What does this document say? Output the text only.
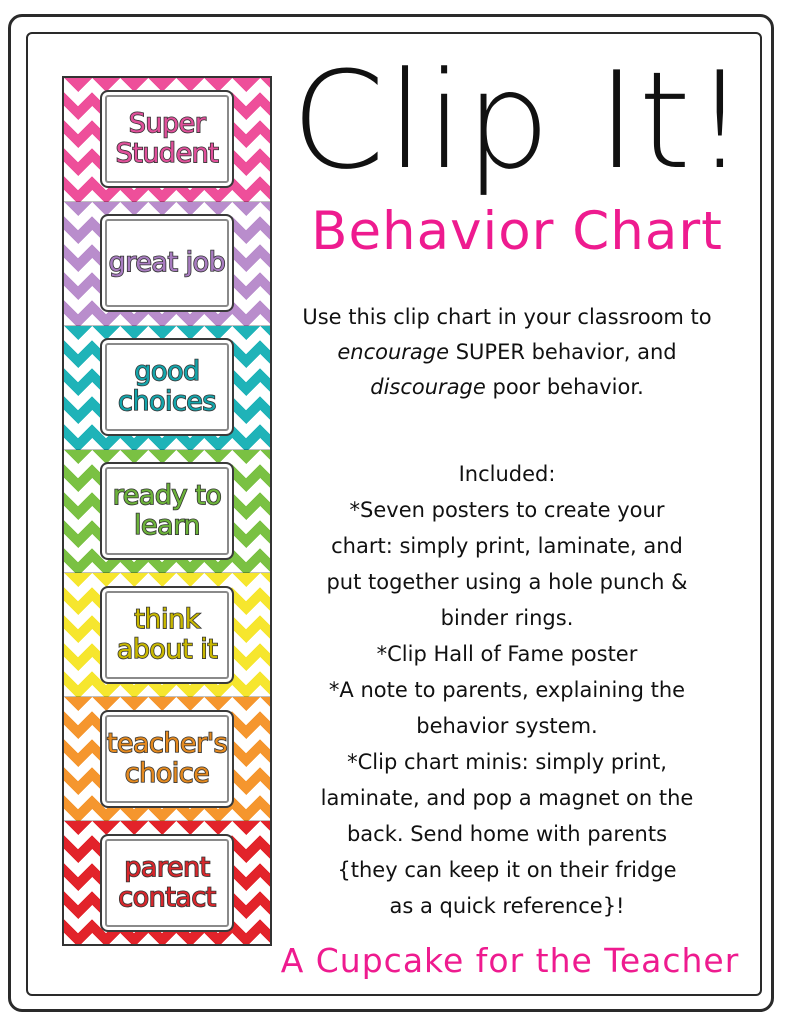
Super Student
great job
good choices
ready to learn
think about it
teacher's choice
parent contact
Clip It!
Behavior Chart
Use this clip chart in your classroom to encourage SUPER behavior, and discourage poor behavior.
Included:
*Seven posters to create your
chart: simply print, laminate, and
put together using a hole punch &
binder rings.
*Clip Hall of Fame poster
*A note to parents, explaining the
behavior system.
*Clip chart minis: simply print,
laminate, and pop a magnet on the
back. Send home with parents
{they can keep it on their fridge
as a quick reference}!
A Cupcake for the Teacher
